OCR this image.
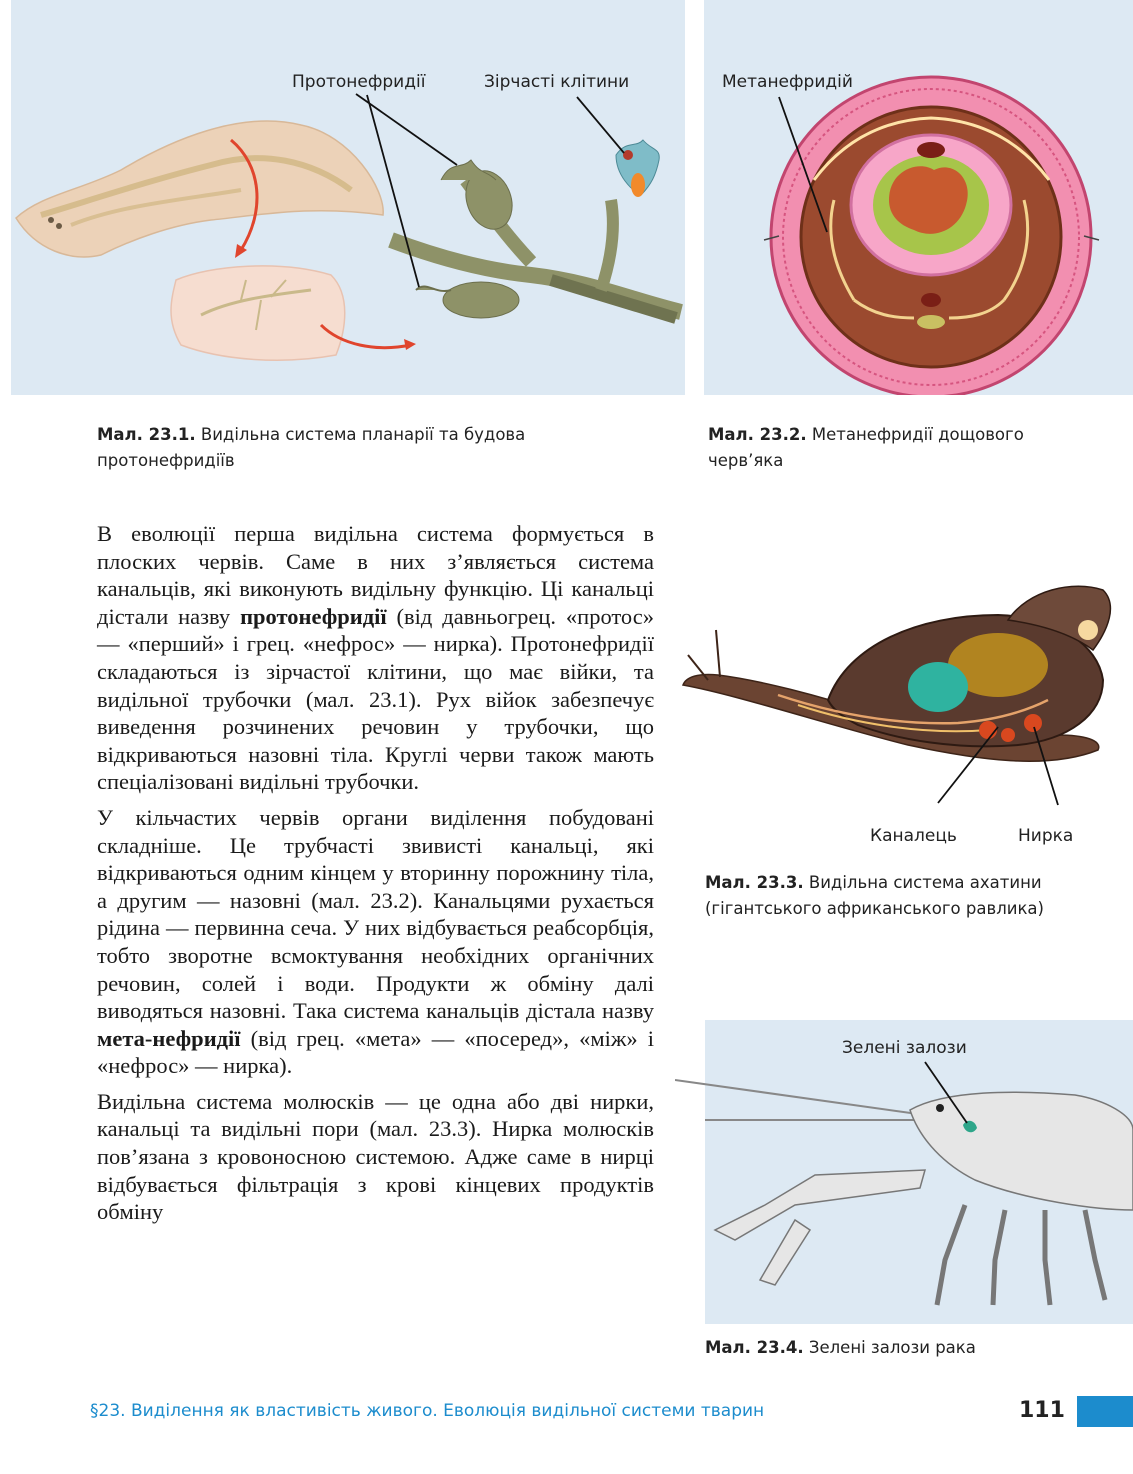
Протонефридії	Зірчасті клітини	Метанефридій
Мал. 23.1. Видільна система планарії та будова протонефридіїв
Мал. 23.2. Метанефридії дощового черв’яка

В еволюції перша видільна система формується в плоских червів. Саме в них з’являється система канальців, які виконують видільну функцію. Ці канальці дістали назву протонефридії (від давньогрец. «протос» — «перший» і грец. «нефрос» — нирка). Протонефридії складаються із зірчастої клітини, що має війки, та видільної трубочки (мал. 23.1). Рух війок забезпечує виведення розчинених речовин у трубочки, що відкриваються назовні тіла. Круглі черви також мають спеціалізовані видільні трубочки.

У кільчастих червів органи виділення побудовані складніше. Це трубчасті звивисті канальці, які відкриваються одним кінцем у вторинну порожнину тіла, а другим — назовні (мал. 23.2). Канальцями рухається рідина — первинна сеча. У них відбувається реабсорбція, тобто зворотне всмоктування необхідних органічних речовин, солей і води. Продукти ж обміну далі виводяться назовні. Така система канальців дістала назву мета-нефридії (від грец. «мета» — «посеред», «між» і «нефрос» — нирка).

Видільна система молюсків — це одна або дві нирки, канальці та видільні пори (мал. 23.3). Нирка молюсків пов’язана з кровоносною системою. Адже саме в нирці відбувається фільтрація з крові кінцевих продуктів обміну

Каналець	Нирка
Мал. 23.3. Видільна система ахатини (гігантського африканського равлика)
Зелені залози
Мал. 23.4. Зелені залози рака
§23. Виділення як властивість живого. Еволюція видільної системи тварин	111
